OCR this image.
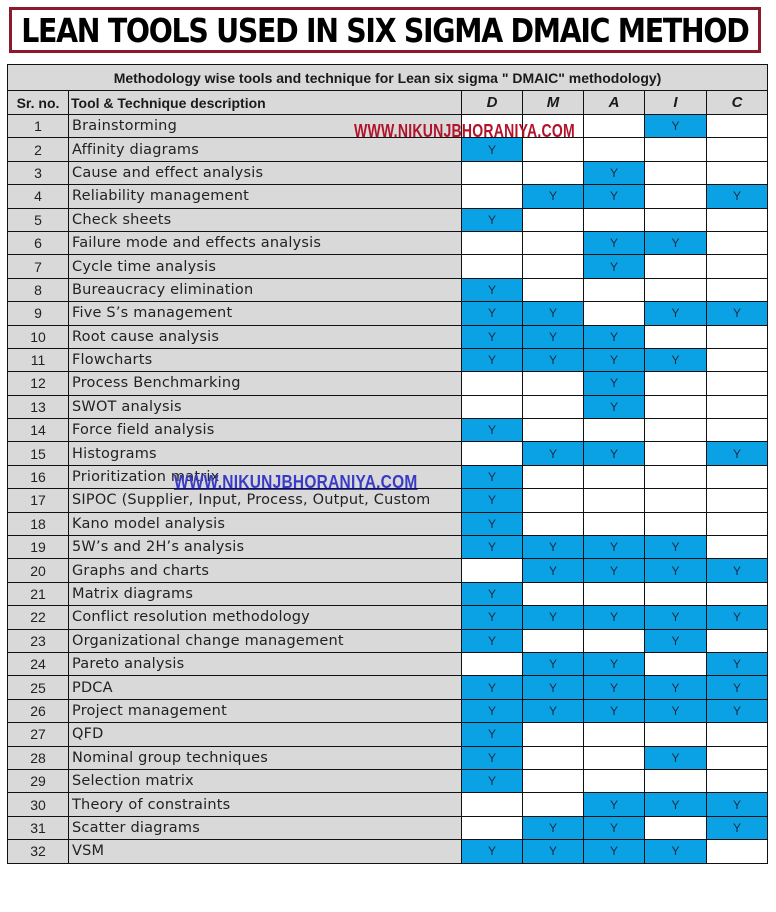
LEAN TOOLS USED IN SIX SIGMA DMAIC METHOD
Methodology wise tools and technique for Lean six sigma " DMAIC" methodology)						
Sr. no.	Tool & Technique description	D	M	A	I	C
1	Brainstorming				Y	
2	Affinity diagrams	Y				
3	Cause and effect analysis			Y		
4	Reliability management		Y	Y		Y
5	Check sheets	Y				
6	Failure mode and effects analysis			Y	Y	
7	Cycle time analysis			Y		
8	Bureaucracy elimination	Y				
9	Five S’s management	Y	Y		Y	Y
10	Root cause analysis	Y	Y	Y		
11	Flowcharts	Y	Y	Y	Y	
12	Process Benchmarking			Y		
13	SWOT analysis			Y		
14	Force field analysis	Y				
15	Histograms		Y	Y		Y
16	Prioritization matrix	Y				
17	SIPOC (Supplier, Input, Process, Output, Custom	Y				
18	Kano model analysis	Y				
19	5W’s and 2H’s analysis	Y	Y	Y	Y	
20	Graphs and charts		Y	Y	Y	Y
21	Matrix diagrams	Y				
22	Conflict resolution methodology	Y	Y	Y	Y	Y
23	Organizational change management	Y			Y	
24	Pareto analysis		Y	Y		Y
25	PDCA	Y	Y	Y	Y	Y
26	Project management	Y	Y	Y	Y	Y
27	QFD	Y				
28	Nominal group techniques	Y			Y	
29	Selection matrix	Y				
30	Theory of constraints			Y	Y	Y
31	Scatter diagrams		Y	Y		Y
32	VSM	Y	Y	Y	Y	
WWW.NIKUNJBHORANIYA.COM
WWW.NIKUNJBHORANIYA.COM
